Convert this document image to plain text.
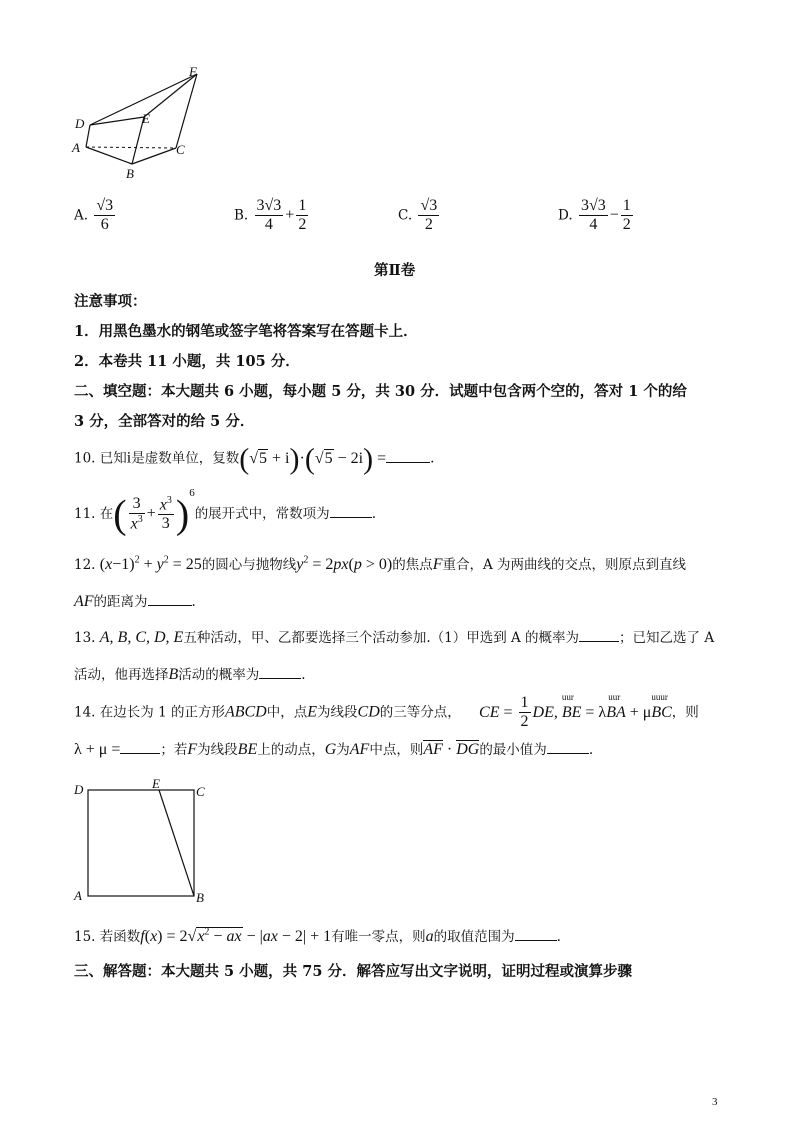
F
D	E
A	C
B
A. $\frac{√3}{6}$	B. $\frac{3√3}{4} + \frac{1}{2}$	C. $\frac{√3}{2}$	D. $\frac{3√3}{4} - \frac{1}{2}$
第Ⅱ卷
注意事项：
1．用黑色墨水的钢笔或签字笔将答案写在答题卡上．
2．本卷共 11 小题，共 105 分．
二、填空题：本大题共 6 小题，每小题 5 分，共 30 分．试题中包含两个空的，答对 1 个的给
3 分，全部答对的给 5 分．
10. 已知i是虚数单位，复数(√5 + i)·(√5 − 2i) =	.
11. 在( $\frac{3}{x^3} + \frac{x^3}{3} )^6$的展开式中，常数项为	.
12. $(x-1)^2 + y^2 = 25$的圆心与抛物线$y^2 = 2px(p > 0)$的焦点F重合，A 为两曲线的交点，则原点到直线
AF的距离为	.
13. A, B, C, D, E五种活动，甲、乙都要选择三个活动参加.（1）甲选到 A 的概率为	；已知乙选了 A
活动，他再选择B活动的概率为	.
14. 在边长为 1 的正方形ABCD中，点E为线段CD的三等分点， CE = $\frac{1}{2}$ DE, BE
uur
= λBA
uur
+ μBC
uuur
，则
λ + μ =	；若F为线段BE上的动点，G为AF中点，则AF · DG的最小值为	.
D	E
C
A	B
15. 若函数$f(x) = 2√x^2$ − ax − |ax − 2| + 1有唯一零点，则a的取值范围为	.
三、解答题：本大题共 5 小题，共 75 分．解答应写出文字说明，证明过程或演算步骤
3
